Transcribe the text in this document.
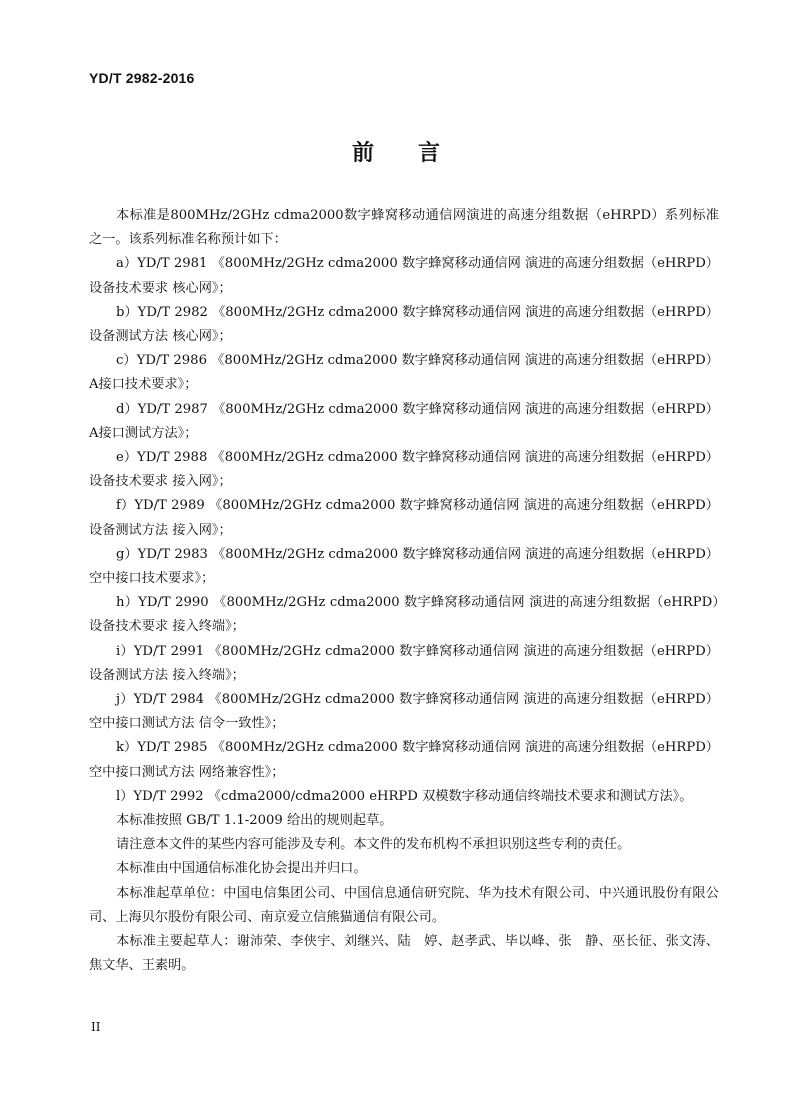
YD/T 2982-2016
前言

本标准是800MHz/2GHz cdma2000数字蜂窝移动通信网演进的高速分组数据（eHRPD）系列标准之一。该系列标准名称预计如下：

a）YD/T 2981 《800MHz/2GHz cdma2000 数字蜂窝移动通信网 演进的高速分组数据（eHRPD）设备技术要求 核心网》；

b）YD/T 2982 《800MHz/2GHz cdma2000 数字蜂窝移动通信网 演进的高速分组数据（eHRPD）设备测试方法 核心网》；

c）YD/T 2986 《800MHz/2GHz cdma2000 数字蜂窝移动通信网 演进的高速分组数据（eHRPD）A接口技术要求》；

d）YD/T 2987 《800MHz/2GHz cdma2000 数字蜂窝移动通信网 演进的高速分组数据（eHRPD）A接口测试方法》；

e）YD/T 2988 《800MHz/2GHz cdma2000 数字蜂窝移动通信网 演进的高速分组数据（eHRPD）设备技术要求 接入网》；

f）YD/T 2989 《800MHz/2GHz cdma2000 数字蜂窝移动通信网 演进的高速分组数据（eHRPD）设备测试方法 接入网》；

g）YD/T 2983 《800MHz/2GHz cdma2000 数字蜂窝移动通信网 演进的高速分组数据（eHRPD）空中接口技术要求》；

h）YD/T 2990 《800MHz/2GHz cdma2000 数字蜂窝移动通信网 演进的高速分组数据（eHRPD）设备技术要求 接入终端》；

i）YD/T 2991 《800MHz/2GHz cdma2000 数字蜂窝移动通信网 演进的高速分组数据（eHRPD）设备测试方法 接入终端》；

j）YD/T 2984 《800MHz/2GHz cdma2000 数字蜂窝移动通信网 演进的高速分组数据（eHRPD）空中接口测试方法 信令一致性》；

k）YD/T 2985 《800MHz/2GHz cdma2000 数字蜂窝移动通信网 演进的高速分组数据（eHRPD）空中接口测试方法 网络兼容性》；

l）YD/T 2992 《cdma2000/cdma2000 eHRPD 双模数字移动通信终端技术要求和测试方法》。

本标准按照 GB/T 1.1-2009 给出的规则起草。

请注意本文件的某些内容可能涉及专利。本文件的发布机构不承担识别这些专利的责任。

本标准由中国通信标准化协会提出并归口。

本标准起草单位：中国电信集团公司、中国信息通信研究院、华为技术有限公司、中兴通讯股份有限公司、上海贝尔股份有限公司、南京爱立信熊猫通信有限公司。

本标准主要起草人：谢沛荣、李侠宇、刘继兴、陆　婷、赵孝武、毕以峰、张　静、巫长征、张文涛、焦文华、王素明。

II
